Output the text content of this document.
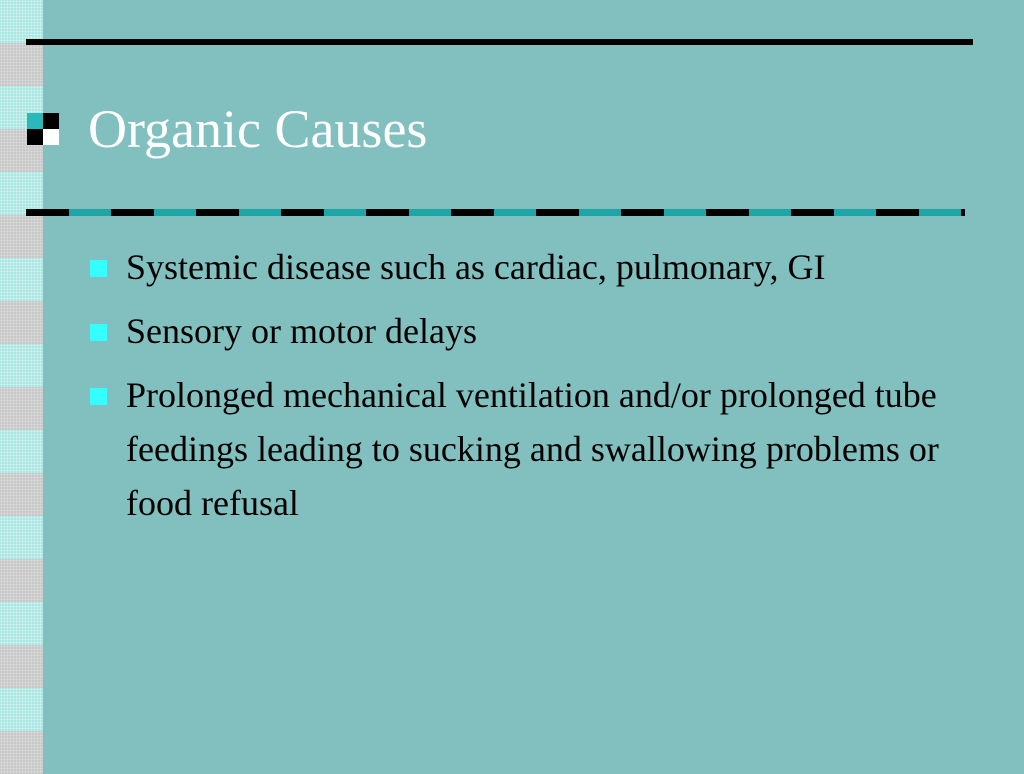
Organic Causes
Systemic disease such as cardiac, pulmonary, GI
Sensory or motor delays
Prolonged mechanical ventilation and/or prolonged tube feedings leading to sucking and swallowing problems or food refusal
